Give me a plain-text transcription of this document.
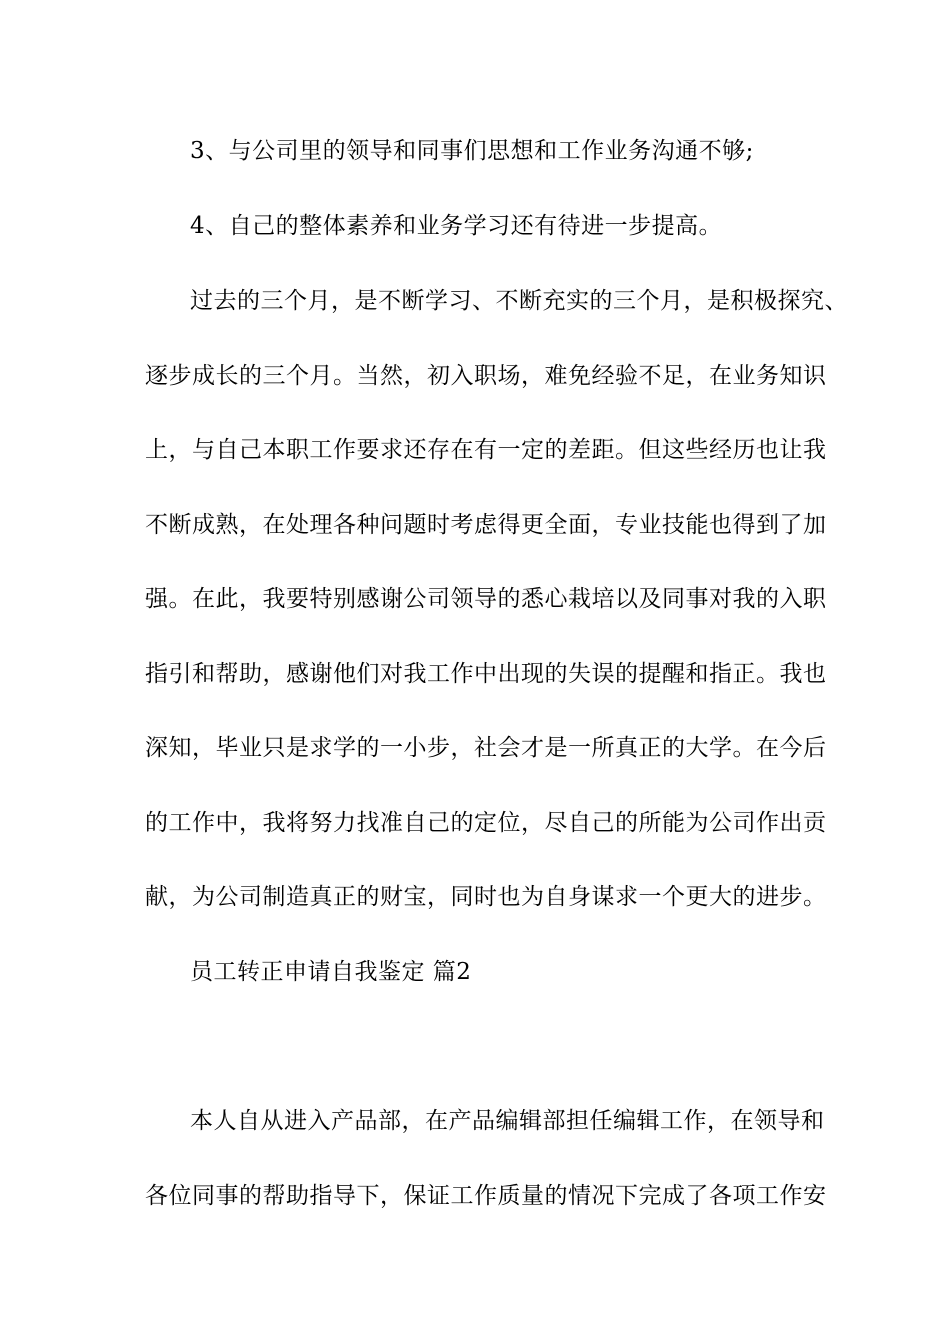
3、与公司里的领导和同事们思想和工作业务沟通不够;
4、自己的整体素养和业务学习还有待进一步提高。
过去的三个月，是不断学习、不断充实的三个月，是积极探究、
逐步成长的三个月。当然，初入职场，难免经验不足，在业务知识
上，与自己本职工作要求还存在有一定的差距。但这些经历也让我
不断成熟，在处理各种问题时考虑得更全面，专业技能也得到了加
强。在此，我要特别感谢公司领导的悉心栽培以及同事对我的入职
指引和帮助，感谢他们对我工作中出现的失误的提醒和指正。我也
深知，毕业只是求学的一小步，社会才是一所真正的大学。在今后
的工作中，我将努力找准自己的定位，尽自己的所能为公司作出贡
献，为公司制造真正的财宝，同时也为自身谋求一个更大的进步。
员工转正申请自我鉴定 篇2
本人自从进入产品部，在产品编辑部担任编辑工作，在领导和
各位同事的帮助指导下，保证工作质量的情况下完成了各项工作安
